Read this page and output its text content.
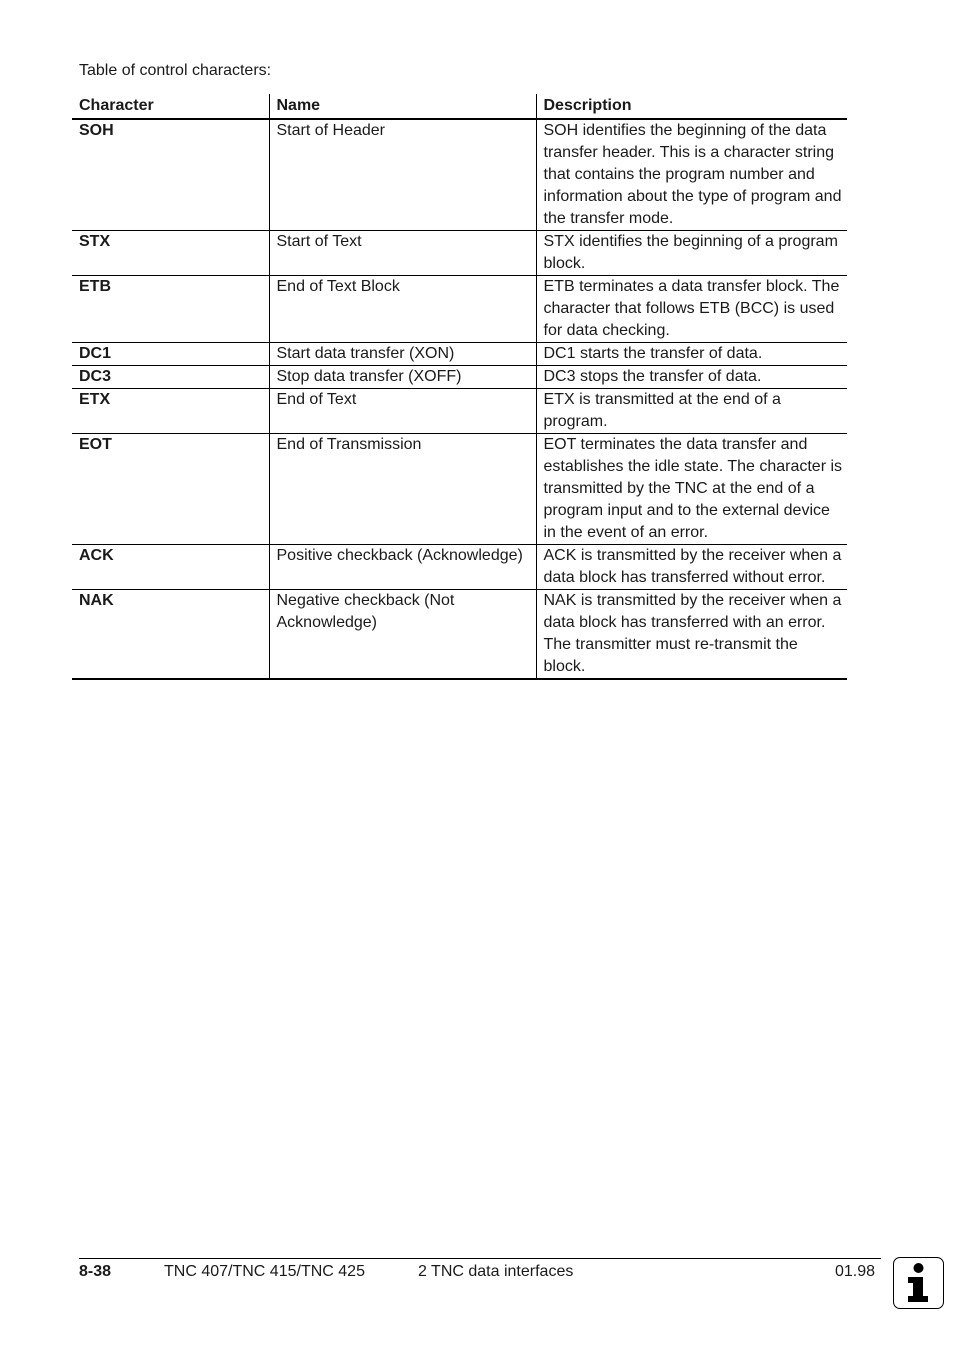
Table of control characters:
Character	Name	Description
SOH	Start of Header	SOH identifies the beginning of the data transfer header. This is a character string that contains the program number and information about the type of program and the transfer mode.
STX	Start of Text	STX identifies the beginning of a program block.
ETB	End of Text Block	ETB terminates a data transfer block. The character that follows ETB (BCC) is used for data checking.
DC1	Start data transfer (XON)	DC1 starts the transfer of data.
DC3	Stop data transfer (XOFF)	DC3 stops the transfer of data.
ETX	End of Text	ETX is transmitted at the end of a program.
EOT	End of Transmission	EOT terminates the data transfer and establishes the idle state. The character is transmitted by the TNC at the end of a program input and to the external device in the event of an error.
ACK	Positive checkback (Acknowledge)	ACK is transmitted by the receiver when a data block has transferred without error.
NAK	Negative checkback (Not Acknowledge)	NAK is transmitted by the receiver when a data block has transferred with an error. The transmitter must re-transmit the block.
8-38	TNC 407/TNC 415/TNC 425	2 TNC data interfaces	01.98
